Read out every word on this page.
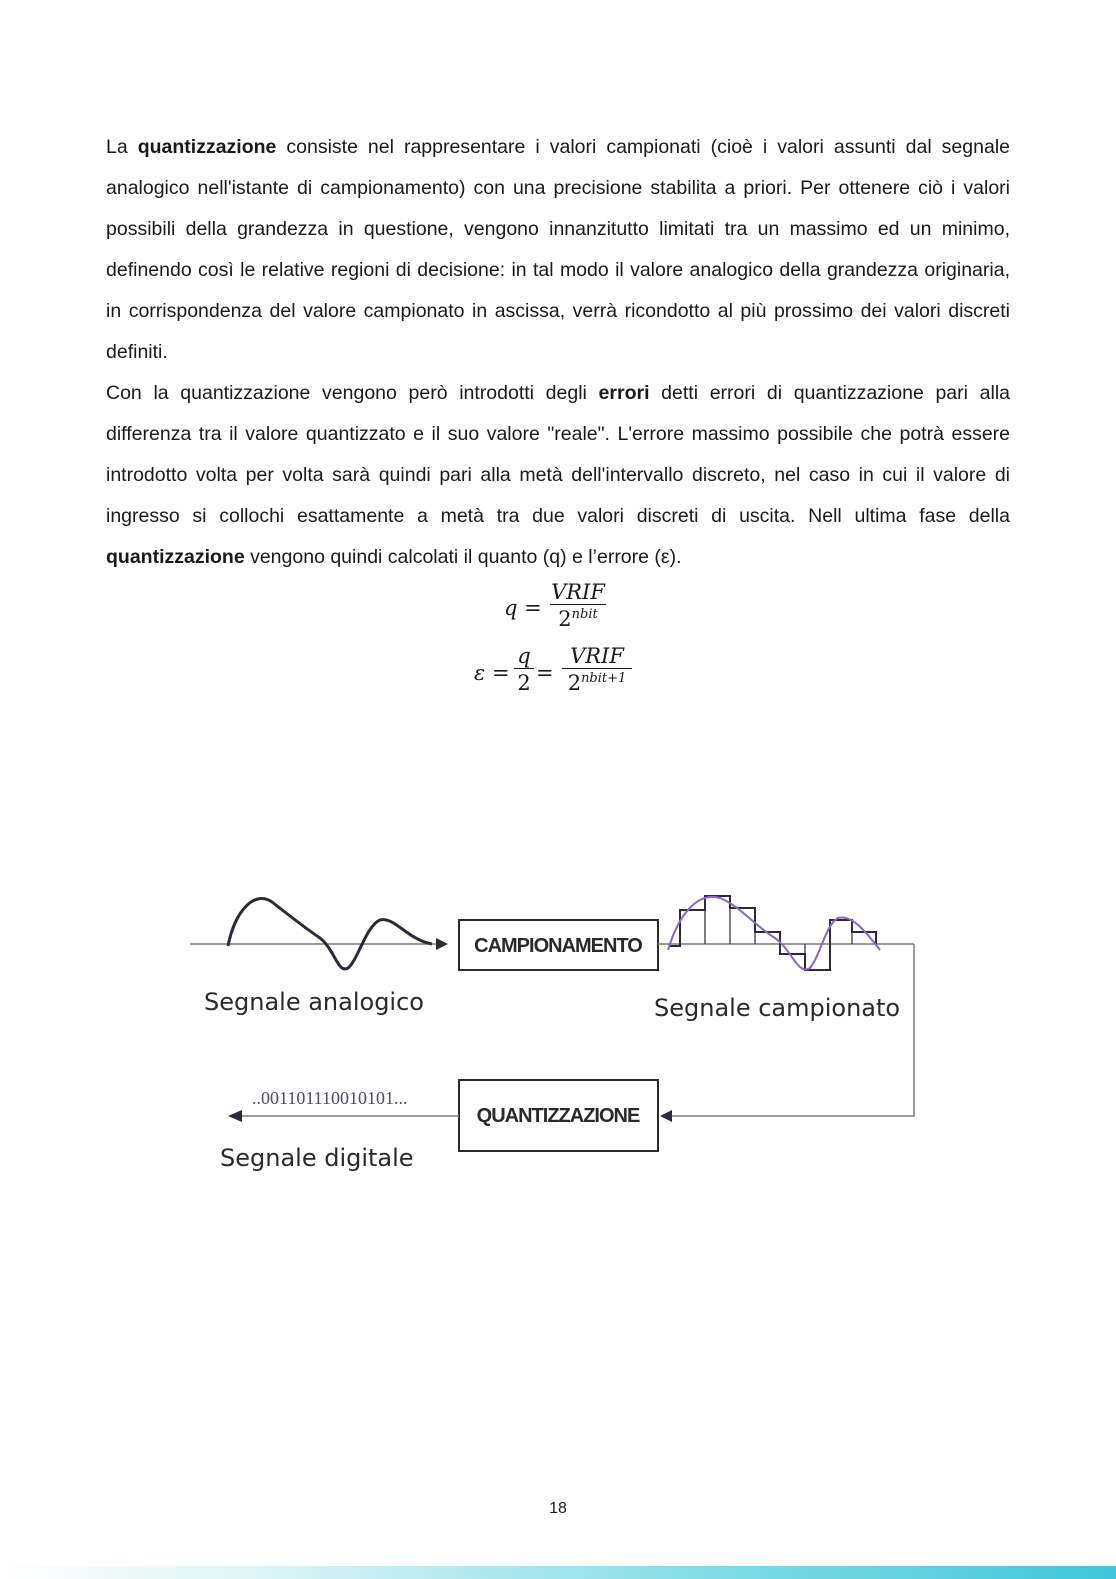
La quantizzazione consiste nel rappresentare i valori campionati (cioè i valori assunti dal segnale analogico nell'istante di campionamento) con una precisione stabilita a priori. Per ottenere ciò i valori possibili della grandezza in questione, vengono innanzitutto limitati tra un massimo ed un minimo, definendo così le relative regioni di decisione: in tal modo il valore analogico della grandezza originaria, in corrispondenza del valore campionato in ascissa, verrà ricondotto al più prossimo dei valori discreti definiti.

Con la quantizzazione vengono però introdotti degli errori detti errori di quantizzazione pari alla differenza tra il valore quantizzato e il suo valore "reale". L'errore massimo possibile che potrà essere introdotto volta per volta sarà quindi pari alla metà dell'intervallo discreto, nel caso in cui il valore di ingresso si collochi esattamente a metà tra due valori discreti di uscita. Nell ultima fase della quantizzazione vengono quindi calcolati il quanto (q) e l’errore (ε).

q =
VRIF
$2^{nbit}$
$\varepsilon = \frac{q}{2}$ =
VRIF
$2^{nbit+1}$
CAMPIONAMENTO
QUANTIZZAZIONE
..001101110010101...
Segnale analogico	Segnale campionato
Segnale digitale
18
